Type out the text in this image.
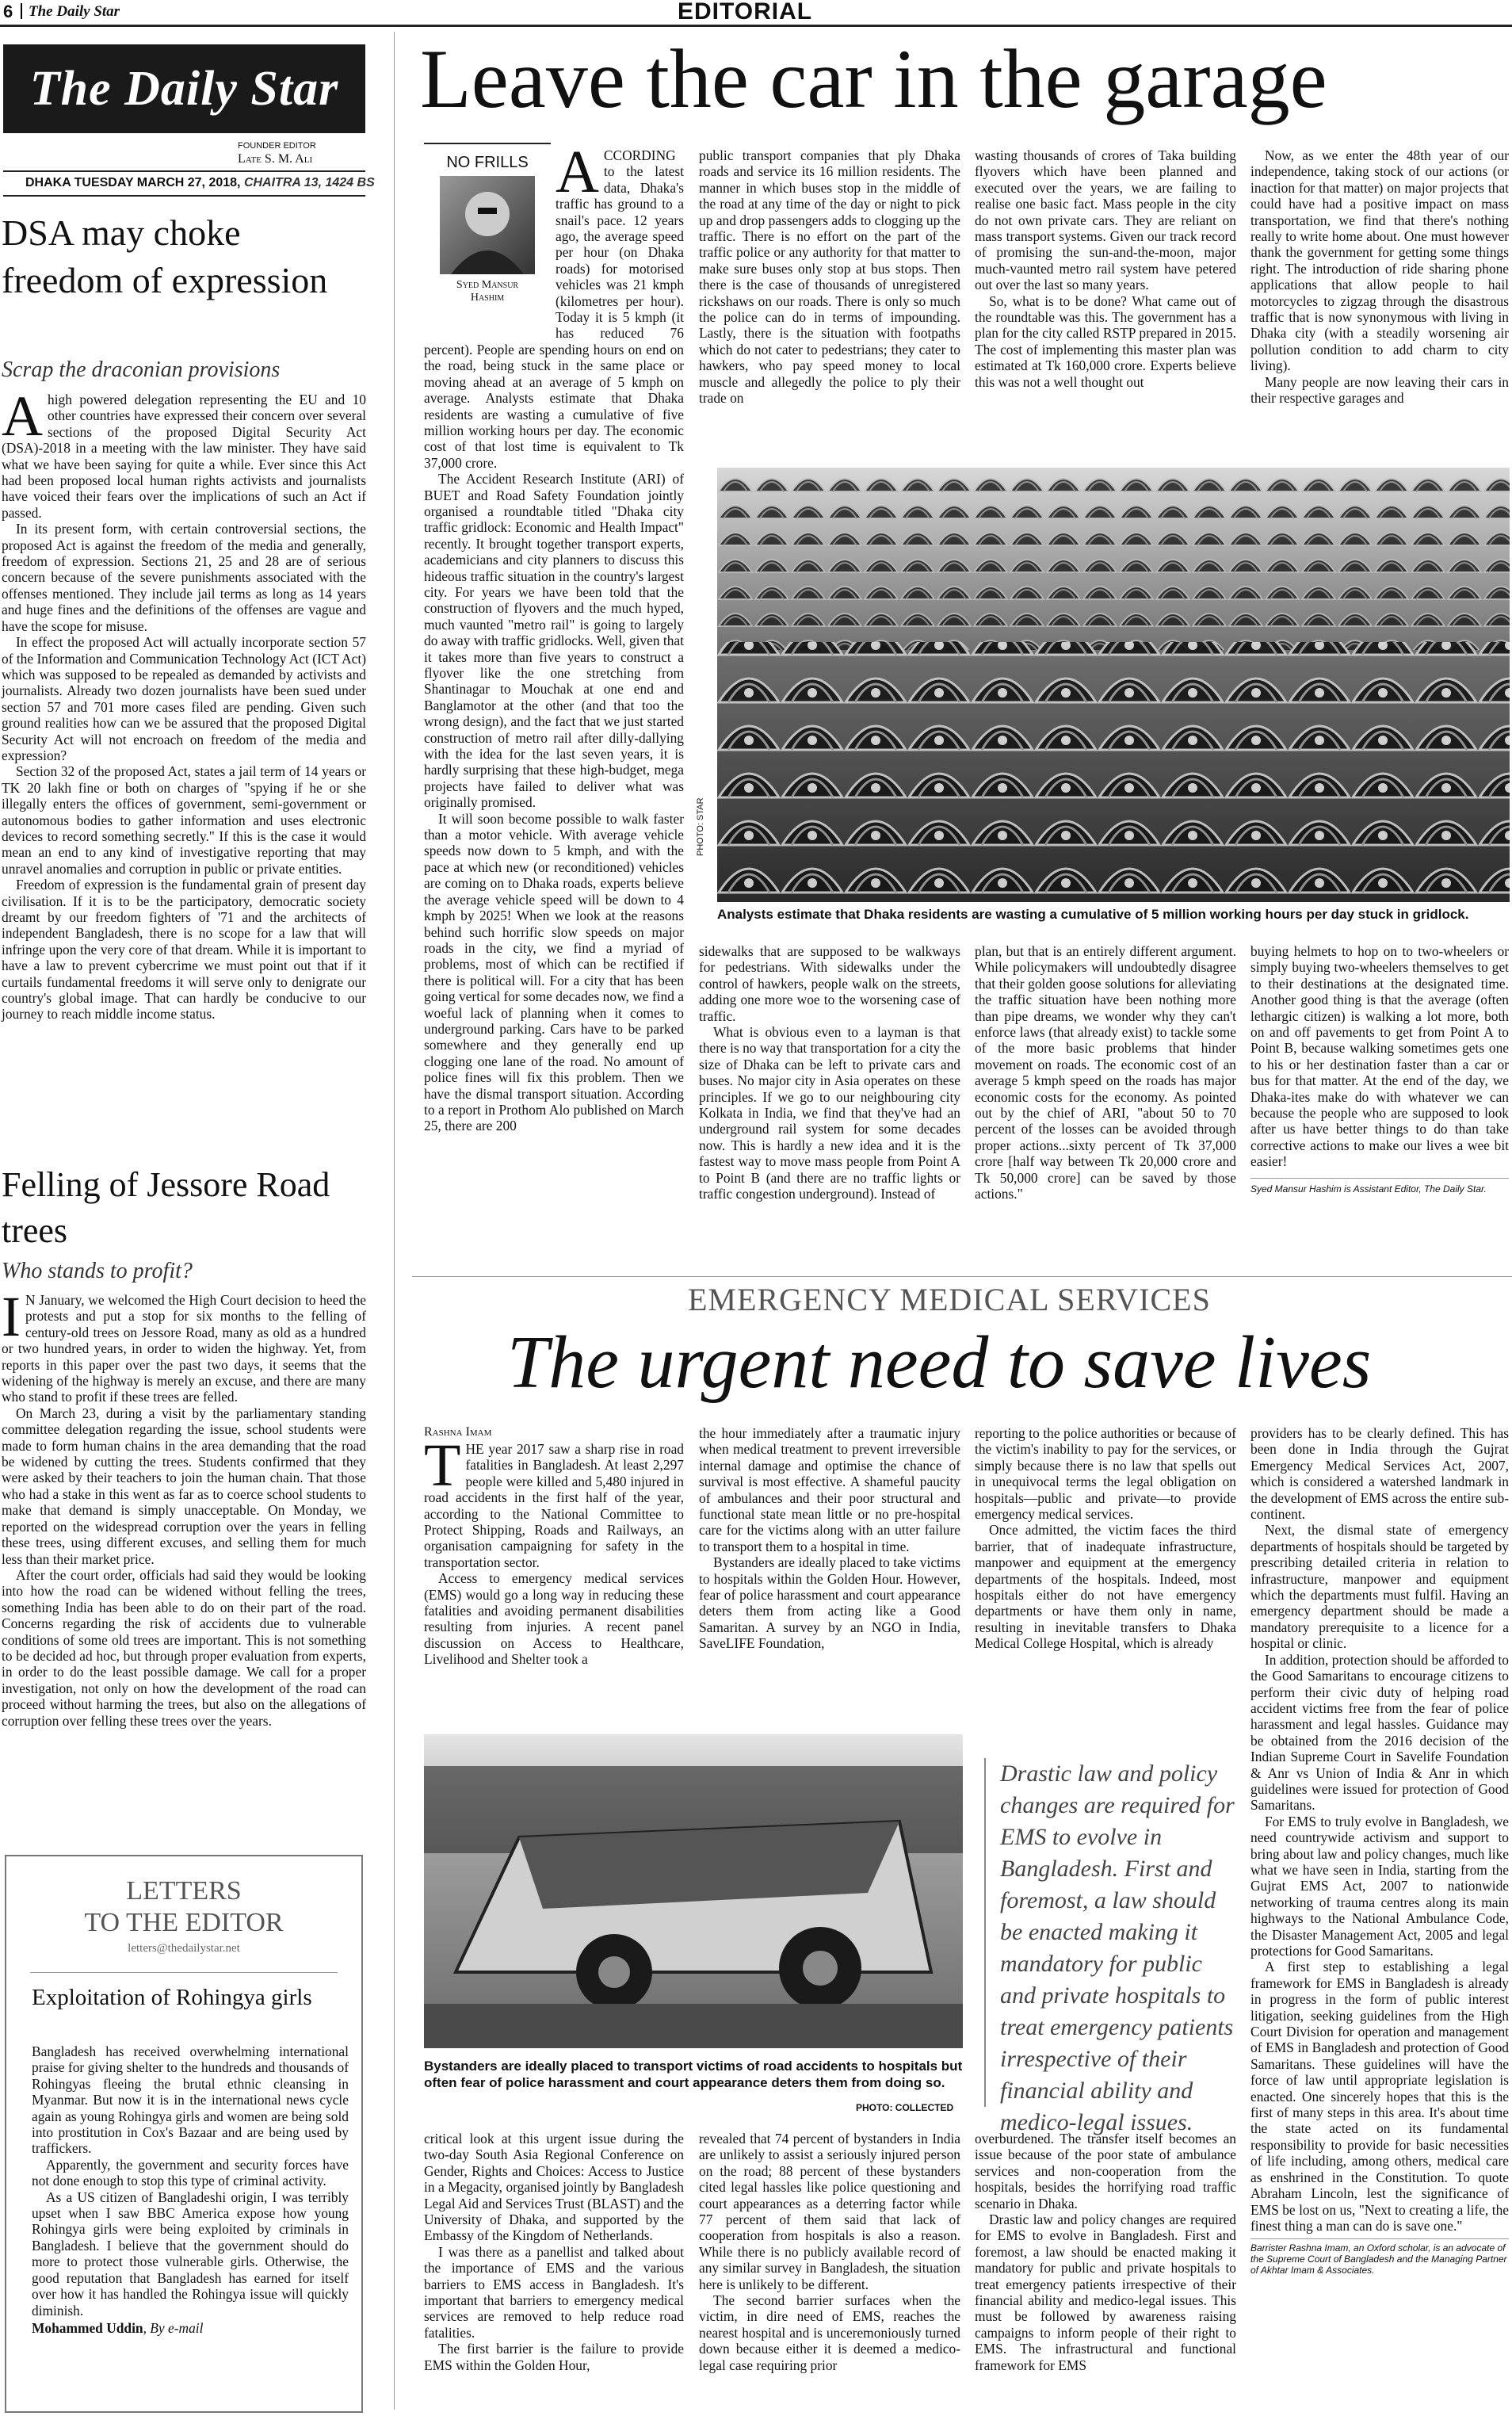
6 The Daily Star	EDITORIAL
The Daily Star
FOUNDER EDITOR
Late S. M. Ali
DHAKA TUESDAY MARCH 27, 2018, CHAITRA 13, 1424 BS
DSA may choke freedom of expression
Scrap the draconian provisions
A high powered delegation representing the EU and 10 other countries have expressed their concern over several sections of the proposed Digital Security Act (DSA)-2018 in a meeting with the law minister. They have said what we have been saying for quite a while. Ever since this Act had been proposed local human rights activists and journalists have voiced their fears over the implications of such an Act if passed.

In its present form, with certain controversial sections, the proposed Act is against the freedom of the media and generally, freedom of expression. Sections 21, 25 and 28 are of serious concern because of the severe punishments associated with the offenses mentioned. They include jail terms as long as 14 years and huge fines and the definitions of the offenses are vague and have the scope for misuse.

In effect the proposed Act will actually incorporate section 57 of the Information and Communication Technology Act (ICT Act) which was supposed to be repealed as demanded by activists and journalists. Already two dozen journalists have been sued under section 57 and 701 more cases filed are pending. Given such ground realities how can we be assured that the proposed Digital Security Act will not encroach on freedom of the media and expression?

Section 32 of the proposed Act, states a jail term of 14 years or TK 20 lakh fine or both on charges of "spying if he or she illegally enters the offices of government, semi-government or autonomous bodies to gather information and uses electronic devices to record something secretly." If this is the case it would mean an end to any kind of investigative reporting that may unravel anomalies and corruption in public or private entities.

Freedom of expression is the fundamental grain of present day civilisation. If it is to be the participatory, democratic society dreamt by our freedom fighters of '71 and the architects of independent Bangladesh, there is no scope for a law that will infringe upon the very core of that dream. While it is important to have a law to prevent cybercrime we must point out that if it curtails fundamental freedoms it will serve only to denigrate our country's global image. That can hardly be conducive to our journey to reach middle income status.

Felling of Jessore Road trees
Who stands to profit?
I N January, we welcomed the High Court decision to heed the protests and put a stop for six months to the felling of century-old trees on Jessore Road, many as old as a hundred or two hundred years, in order to widen the highway. Yet, from reports in this paper over the past two days, it seems that the widening of the highway is merely an excuse, and there are many who stand to profit if these trees are felled.

On March 23, during a visit by the parliamentary standing committee delegation regarding the issue, school students were made to form human chains in the area demanding that the road be widened by cutting the trees. Students confirmed that they were asked by their teachers to join the human chain. That those who had a stake in this went as far as to coerce school students to make that demand is simply unacceptable. On Monday, we reported on the widespread corruption over the years in felling these trees, using different excuses, and selling them for much less than their market price.

After the court order, officials had said they would be looking into how the road can be widened without felling the trees, something India has been able to do on their part of the road. Concerns regarding the risk of accidents due to vulnerable conditions of some old trees are important. This is not something to be decided ad hoc, but through proper evaluation from experts, in order to do the least possible damage. We call for a proper investigation, not only on how the development of the road can proceed without harming the trees, but also on the allegations of corruption over felling these trees over the years.

LETTERS
TO THE EDITOR
letters@thedailystar.net
Exploitation of Rohingya girls

Bangladesh has received overwhelming international praise for giving shelter to the hundreds and thousands of Rohingyas fleeing the brutal ethnic cleansing in Myanmar. But now it is in the international news cycle again as young Rohingya girls and women are being sold into prostitution in Cox's Bazaar and are being used by traffickers.

Apparently, the government and security forces have not done enough to stop this type of criminal activity.

As a US citizen of Bangladeshi origin, I was terribly upset when I saw BBC America expose how young Rohingya girls were being exploited by criminals in Bangladesh. I believe that the government should do more to protect those vulnerable girls. Otherwise, the good reputation that Bangladesh has earned for itself over how it has handled the Rohingya issue will quickly diminish.

Mohammed Uddin, By e-mail
Leave the car in the garage
NO FRILLS
Syed Mansur
Hashim
A CCORDING to the latest data, Dhaka's traffic has ground to a snail's pace. 12 years ago, the average speed per hour (on Dhaka roads) for motorised vehicles was 21 kmph (kilometres per hour). Today it is 5 kmph (it has reduced 76 percent). People are spending hours on end on the road, being stuck in the same place or moving ahead at an average of 5 kmph on average. Analysts estimate that Dhaka residents are wasting a cumulative of five million working hours per day. The economic cost of that lost time is equivalent to Tk 37,000 crore.

The Accident Research Institute (ARI) of BUET and Road Safety Foundation jointly organised a roundtable titled "Dhaka city traffic gridlock: Economic and Health Impact" recently. It brought together transport experts, academicians and city planners to discuss this hideous traffic situation in the country's largest city. For years we have been told that the construction of flyovers and the much hyped, much vaunted "metro rail" is going to largely do away with traffic gridlocks. Well, given that it takes more than five years to construct a flyover like the one stretching from Shantinagar to Mouchak at one end and Banglamotor at the other (and that too the wrong design), and the fact that we just started construction of metro rail after dilly-dallying with the idea for the last seven years, it is hardly surprising that these high-budget, mega projects have failed to deliver what was originally promised.

It will soon become possible to walk faster than a motor vehicle. With average vehicle speeds now down to 5 kmph, and with the pace at which new (or reconditioned) vehicles are coming on to Dhaka roads, experts believe the average vehicle speed will be down to 4 kmph by 2025! When we look at the reasons behind such horrific slow speeds on major roads in the city, we find a myriad of problems, most of which can be rectified if there is political will. For a city that has been going vertical for some decades now, we find a woeful lack of planning when it comes to underground parking. Cars have to be parked somewhere and they generally end up clogging one lane of the road. No amount of police fines will fix this problem. Then we have the dismal transport situation. According to a report in Prothom Alo published on March 25, there are 200

public transport companies that ply Dhaka roads and service its 16 million residents. The manner in which buses stop in the middle of the road at any time of the day or night to pick up and drop passengers adds to clogging up the traffic. There is no effort on the part of the traffic police or any authority for that matter to make sure buses only stop at bus stops. Then there is the case of thousands of unregistered rickshaws on our roads. There is only so much the police can do in terms of impounding. Lastly, there is the situation with footpaths which do not cater to pedestrians; they cater to hawkers, who pay speed money to local muscle and allegedly the police to ply their trade on

wasting thousands of crores of Taka building flyovers which have been planned and executed over the years, we are failing to realise one basic fact. Mass people in the city do not own private cars. They are reliant on mass transport systems. Given our track record of promising the sun-and-the-moon, major much-vaunted metro rail system have petered out over the last so many years.

So, what is to be done? What came out of the roundtable was this. The government has a plan for the city called RSTP prepared in 2015. The cost of implementing this master plan was estimated at Tk 160,000 crore. Experts believe this was not a well thought out

Now, as we enter the 48th year of our independence, taking stock of our actions (or inaction for that matter) on major projects that could have had a positive impact on mass transportation, we find that there's nothing really to write home about. One must however thank the government for getting some things right. The introduction of ride sharing phone applications that allow people to hail motorcycles to zigzag through the disastrous traffic that is now synonymous with living in Dhaka city (with a steadily worsening air pollution condition to add charm to city living).

Many people are now leaving their cars in their respective garages and

PHOTO: STAR
Analysts estimate that Dhaka residents are wasting a cumulative of 5 million working hours per day stuck in gridlock.

sidewalks that are supposed to be walkways for pedestrians. With sidewalks under the control of hawkers, people walk on the streets, adding one more woe to the worsening case of traffic.

What is obvious even to a layman is that there is no way that transportation for a city the size of Dhaka can be left to private cars and buses. No major city in Asia operates on these principles. If we go to our neighbouring city Kolkata in India, we find that they've had an underground rail system for some decades now. This is hardly a new idea and it is the fastest way to move mass people from Point A to Point B (and there are no traffic lights or traffic congestion underground). Instead of

plan, but that is an entirely different argument. While policymakers will undoubtedly disagree that their golden goose solutions for alleviating the traffic situation have been nothing more than pipe dreams, we wonder why they can't enforce laws (that already exist) to tackle some of the more basic problems that hinder movement on roads. The economic cost of an average 5 kmph speed on the roads has major economic costs for the economy. As pointed out by the chief of ARI, "about 50 to 70 percent of the losses can be avoided through proper actions...sixty percent of Tk 37,000 crore [half way between Tk 20,000 crore and Tk 50,000 crore] can be saved by those actions."

buying helmets to hop on to two-wheelers or simply buying two-wheelers themselves to get to their destinations at the designated time. Another good thing is that the average (often lethargic citizen) is walking a lot more, both on and off pavements to get from Point A to Point B, because walking sometimes gets one to his or her destination faster than a car or bus for that matter. At the end of the day, we Dhaka-ites make do with whatever we can because the people who are supposed to look after us have better things to do than take corrective actions to make our lives a wee bit easier!

Syed Mansur Hashim is Assistant Editor, The Daily Star.
EMERGENCY MEDICAL SERVICES
The urgent need to save lives
Rashna Imam
T HE year 2017 saw a sharp rise in road fatalities in Bangladesh. At least 2,297 people were killed and 5,480 injured in road accidents in the first half of the year, according to the National Committee to Protect Shipping, Roads and Railways, an organisation campaigning for safety in the transportation sector.

Access to emergency medical services (EMS) would go a long way in reducing these fatalities and avoiding permanent disabilities resulting from injuries. A recent panel discussion on Access to Healthcare, Livelihood and Shelter took a

the hour immediately after a traumatic injury when medical treatment to prevent irreversible internal damage and optimise the chance of survival is most effective. A shameful paucity of ambulances and their poor structural and functional state mean little or no pre-hospital care for the victims along with an utter failure to transport them to a hospital in time.

Bystanders are ideally placed to take victims to hospitals within the Golden Hour. However, fear of police harassment and court appearance deters them from acting like a Good Samaritan. A survey by an NGO in India, SaveLIFE Foundation,

reporting to the police authorities or because of the victim's inability to pay for the services, or simply because there is no law that spells out in unequivocal terms the legal obligation on hospitals—public and private—to provide emergency medical services.

Once admitted, the victim faces the third barrier, that of inadequate infrastructure, manpower and equipment at the emergency departments of the hospitals. Indeed, most hospitals either do not have emergency departments or have them only in name, resulting in inevitable transfers to Dhaka Medical College Hospital, which is already

providers has to be clearly defined. This has been done in India through the Gujrat Emergency Medical Services Act, 2007, which is considered a watershed landmark in the development of EMS across the entire sub-continent.

Next, the dismal state of emergency departments of hospitals should be targeted by prescribing detailed criteria in relation to infrastructure, manpower and equipment which the departments must fulfil. Having an emergency department should be made a mandatory prerequisite to a licence for a hospital or clinic.

In addition, protection should be afforded to the Good Samaritans to encourage citizens to perform their civic duty of helping road accident victims free from the fear of police harassment and legal hassles. Guidance may be obtained from the 2016 decision of the Indian Supreme Court in Savelife Foundation & Anr vs Union of India & Anr in which guidelines were issued for protection of Good Samaritans.

For EMS to truly evolve in Bangladesh, we need countrywide activism and support to bring about law and policy changes, much like what we have seen in India, starting from the Gujrat EMS Act, 2007 to nationwide networking of trauma centres along its main highways to the National Ambulance Code, the Disaster Management Act, 2005 and legal protections for Good Samaritans.

A first step to establishing a legal framework for EMS in Bangladesh is already in progress in the form of public interest litigation, seeking guidelines from the High Court Division for operation and management of EMS in Bangladesh and protection of Good Samaritans. These guidelines will have the force of law until appropriate legislation is enacted. One sincerely hopes that this is the first of many steps in this area. It's about time the state acted on its fundamental responsibility to provide for basic necessities of life including, among others, medical care as enshrined in the Constitution. To quote Abraham Lincoln, lest the significance of EMS be lost on us, "Next to creating a life, the finest thing a man can do is save one."

Barrister Rashna Imam, an Oxford scholar, is an advocate of the Supreme Court of Bangladesh and the Managing Partner of Akhtar Imam & Associates.
Bystanders are ideally placed to transport victims of road accidents to hospitals but often fear of police harassment and court appearance deters them from doing so.
PHOTO: COLLECTED
Drastic law and policy changes are required for EMS to evolve in Bangladesh. First and foremost, a law should be enacted making it mandatory for public and private hospitals to treat emergency patients irrespective of their financial ability and medico-legal issues.

critical look at this urgent issue during the two-day South Asia Regional Conference on Gender, Rights and Choices: Access to Justice in a Megacity, organised jointly by Bangladesh Legal Aid and Services Trust (BLAST) and the University of Dhaka, and supported by the Embassy of the Kingdom of Netherlands.

I was there as a panellist and talked about the importance of EMS and the various barriers to EMS access in Bangladesh. It's important that barriers to emergency medical services are removed to help reduce road fatalities.

The first barrier is the failure to provide EMS within the Golden Hour,

revealed that 74 percent of bystanders in India are unlikely to assist a seriously injured person on the road; 88 percent of these bystanders cited legal hassles like police questioning and court appearances as a deterring factor while 77 percent of them said that lack of cooperation from hospitals is also a reason. While there is no publicly available record of any similar survey in Bangladesh, the situation here is unlikely to be different.

The second barrier surfaces when the victim, in dire need of EMS, reaches the nearest hospital and is unceremoniously turned down because either it is deemed a medico-legal case requiring prior

overburdened. The transfer itself becomes an issue because of the poor state of ambulance services and non-cooperation from the hospitals, besides the horrifying road traffic scenario in Dhaka.

Drastic law and policy changes are required for EMS to evolve in Bangladesh. First and foremost, a law should be enacted making it mandatory for public and private hospitals to treat emergency patients irrespective of their financial ability and medico-legal issues. This must be followed by awareness raising campaigns to inform people of their right to EMS. The infrastructural and functional framework for EMS
